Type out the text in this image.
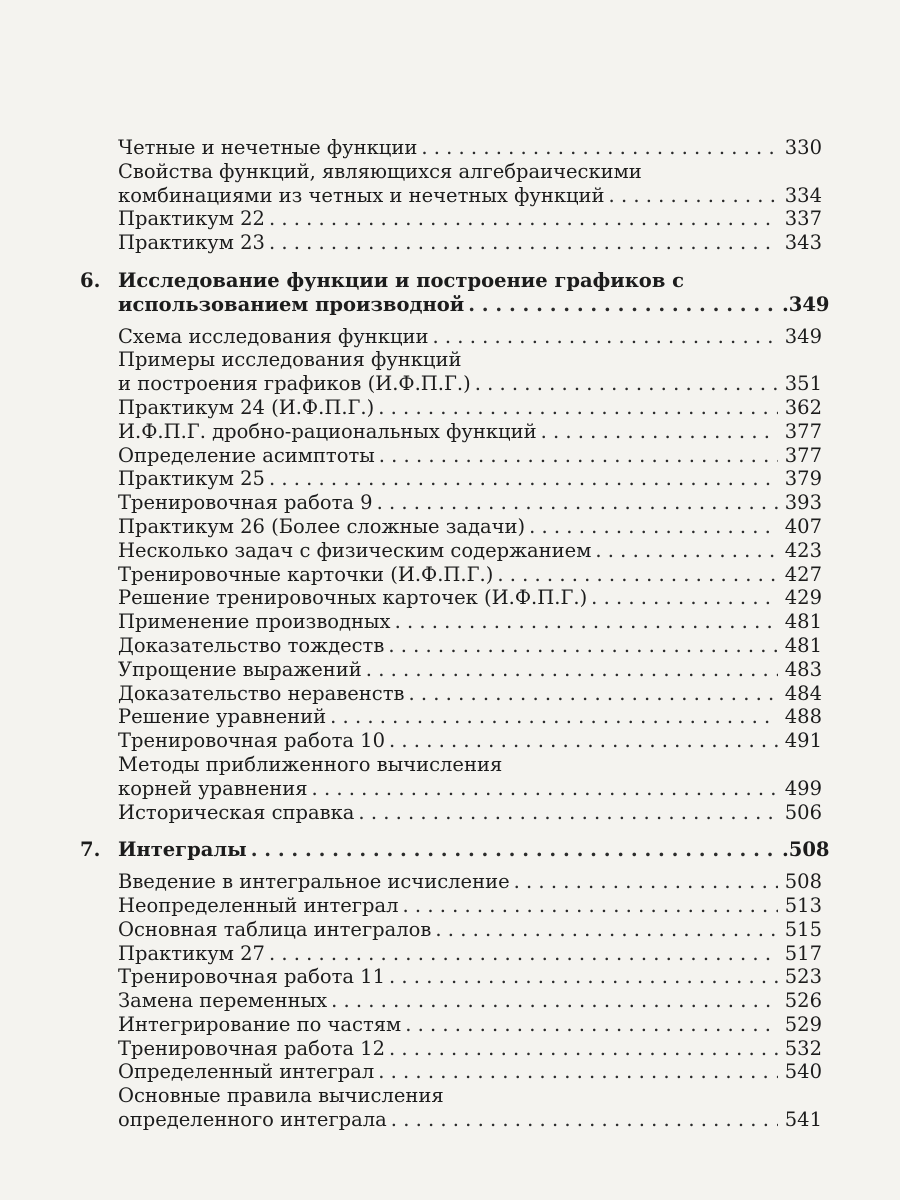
Четные и нечетные функции . . .	330
Свойства функций, являющихся алгебраическими
комбинациями из четных и нечетных функций . . .	334
Практикум 22 . . .	337
Практикум 23 . . .	343
6. Исследование функции и построение графиков с
использованием производной . . .	.349
Схема исследования функции . . .	349
Примеры исследования функций
и построения графиков (И.Ф.П.Г.) . . .	351
Практикум 24 (И.Ф.П.Г.) . . .	362
И.Ф.П.Г. дробно-рациональных функций . . .	377
Определение асимптоты . . .	377
Практикум 25 . . .	379
Тренировочная работа 9 . . .	393
Практикум 26 (Более сложные задачи) . . .	407
Несколько задач с физическим содержанием . . .	423
Тренировочные карточки (И.Ф.П.Г.) . . .	427
Решение тренировочных карточек (И.Ф.П.Г.) . . .	429
Применение производных . . .	481
Доказательство тождеств . . .	481
Упрощение выражений . . .	483
Доказательство неравенств . . .	484
Решение уравнений . . .	488
Тренировочная работа 10 . . .	491
Методы приближенного вычисления
корней уравнения . . .	499
Историческая справка . . .	506
7. Интегралы . . .	.508
Введение в интегральное исчисление . . .	508
Неопределенный интеграл . . .	513
Основная таблица интегралов . . .	515
Практикум 27 . . .	517
Тренировочная работа 11 . . .	523
Замена переменных . . .	526
Интегрирование по частям . . .	529
Тренировочная работа 12 . . .	532
Определенный интеграл . . .	540
Основные правила вычисления
определенного интеграла . . .	541
